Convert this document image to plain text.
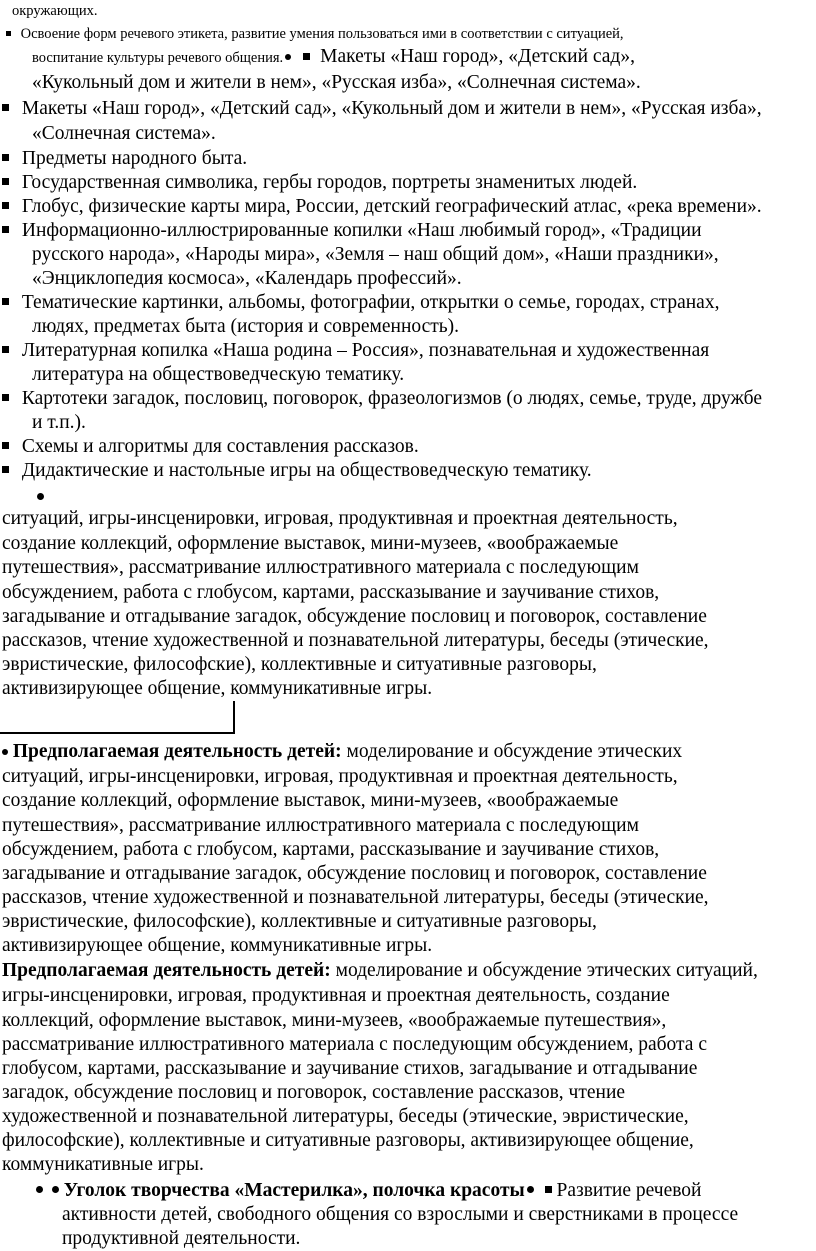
окружающих.
Освоение форм речевого этикета, развитие умения пользоваться ими в соответствии с ситуацией,
воспитание культуры речевого общения. Макеты «Наш город», «Детский сад»,
«Кукольный дом и жители в нем», «Русская изба», «Солнечная система».
Макеты «Наш город», «Детский сад», «Кукольный дом и жители в нем», «Русская изба»,
«Солнечная система».
Предметы народного быта.
Государственная символика, гербы городов, портреты знаменитых людей.
Глобус, физические карты мира, России, детский географический атлас, «река времени».
Информационно-иллюстрированные копилки «Наш любимый город», «Традиции
русского народа», «Народы мира», «Земля – наш общий дом», «Наши праздники»,
«Энциклопедия космоса», «Календарь профессий».
Тематические картинки, альбомы, фотографии, открытки о семье, городах, странах,
людях, предметах быта (история и современность).
Литературная копилка «Наша родина – Россия», познавательная и художественная
литература на обществоведческую тематику.
Картотеки загадок, пословиц, поговорок, фразеологизмов (о людях, семье, труде, дружбе
и т.п.).
Схемы и алгоритмы для составления рассказов.
Дидактические и настольные игры на обществоведческую тематику.
ситуаций, игры-инсценировки, игровая, продуктивная и проектная деятельность,
создание коллекций, оформление выставок, мини-музеев, «воображаемые
путешествия», рассматривание иллюстративного материала с последующим
обсуждением, работа с глобусом, картами, рассказывание и заучивание стихов,
загадывание и отгадывание загадок, обсуждение пословиц и поговорок, составление
рассказов, чтение художественной и познавательной литературы, беседы (этические,
эвристические, философские), коллективные и ситуативные разговоры,
активизирующее общение, коммуникативные игры.
Предполагаемая деятельность детей: моделирование и обсуждение этических
ситуаций, игры-инсценировки, игровая, продуктивная и проектная деятельность,
создание коллекций, оформление выставок, мини-музеев, «воображаемые
путешествия», рассматривание иллюстративного материала с последующим
обсуждением, работа с глобусом, картами, рассказывание и заучивание стихов,
загадывание и отгадывание загадок, обсуждение пословиц и поговорок, составление
рассказов, чтение художественной и познавательной литературы, беседы (этические,
эвристические, философские), коллективные и ситуативные разговоры,
активизирующее общение, коммуникативные игры.
Предполагаемая деятельность детей: моделирование и обсуждение этических ситуаций,
игры-инсценировки, игровая, продуктивная и проектная деятельность, создание
коллекций, оформление выставок, мини-музеев, «воображаемые путешествия»,
рассматривание иллюстративного материала с последующим обсуждением, работа с
глобусом, картами, рассказывание и заучивание стихов, загадывание и отгадывание
загадок, обсуждение пословиц и поговорок, составление рассказов, чтение
художественной и познавательной литературы, беседы (этические, эвристические,
философские), коллективные и ситуативные разговоры, активизирующее общение,
коммуникативные игры.
Уголок творчества «Мастерилка», полочка красоты  Развитие речевой
активности детей, свободного общения со взрослыми и сверстниками в процессе
продуктивной деятельности.
